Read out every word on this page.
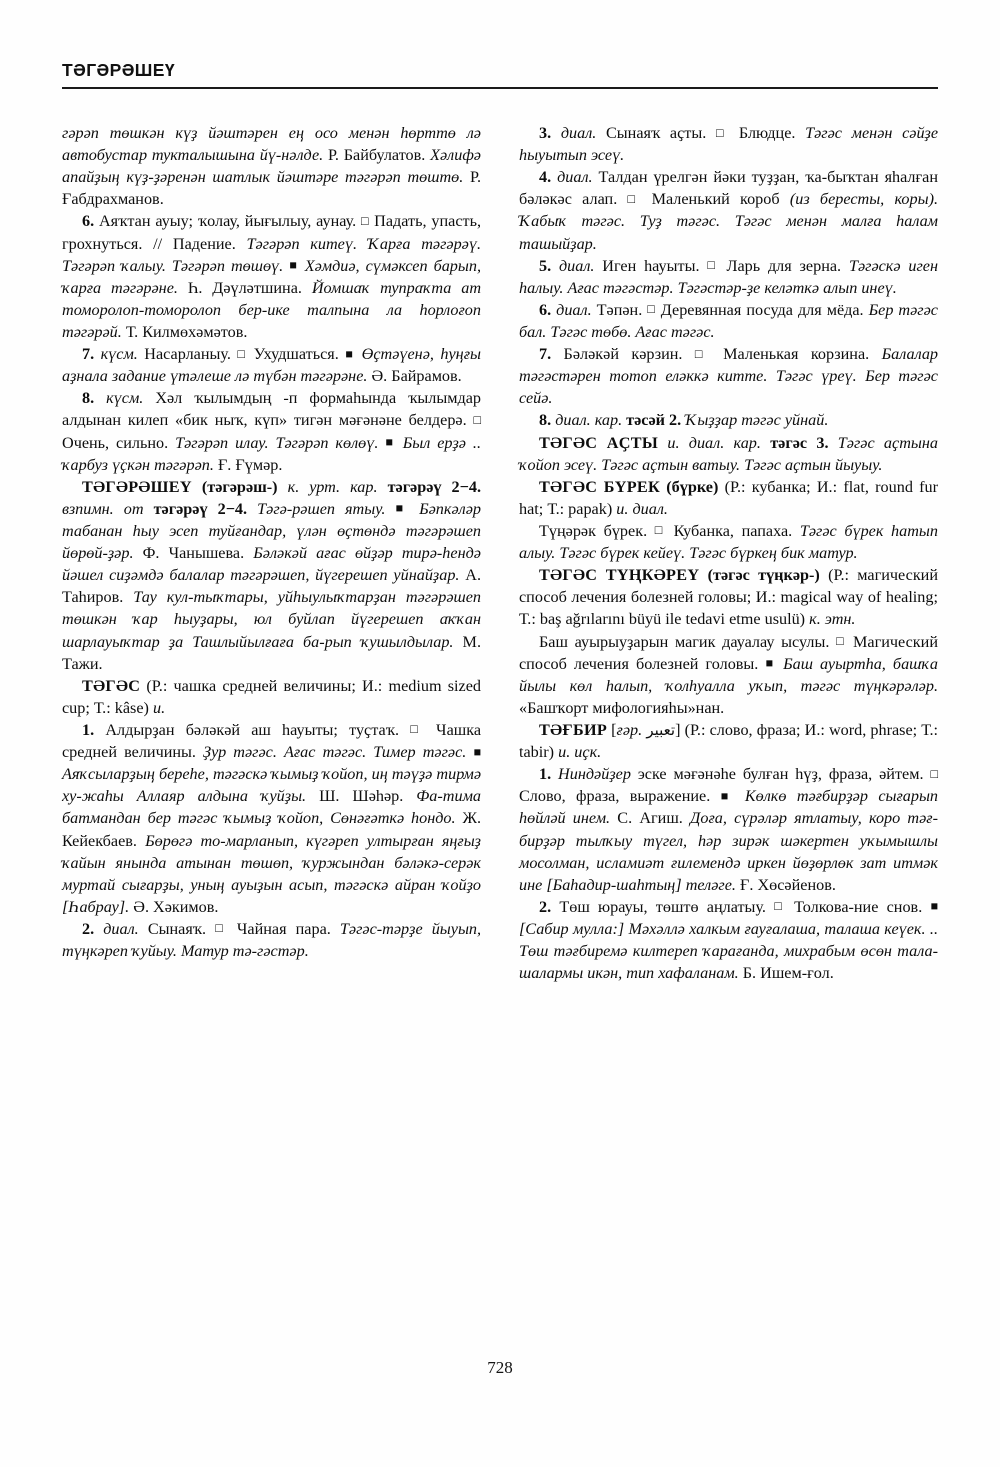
ТӘГӘРӘШЕҮ

гәрәп төшкән күҙ йәштәрен ең осо менән һөрттө лә автобустар тукталышына йү-нәлде. Р. Байбулатов. Хәлифә апайҙың күҙ-ҙәренән шатлык йәштәре тәгәрәп төштө. Р. Ғабдрахманов.

6. Аяҡтан ауыу; ҡолау, йығылыу, аунау. □ Падать, упасть, грохнуться. // Падение. Тәгәрәп китеү. Ҡарға тәгәрәү. Тәгәрәп ҡалыу. Тәгәрәп төшөү. ■ Хәмдиә, сүмәксеп барып, ҡарға тәгәрәне. Һ. Дәүләтшина. Йомшаҡ тупраҡта ат томоролоп-томоролоп бер-ике талпына ла һорлоғоп тәгәрәй. Т. Килмөхәмәтов.

7. күсм. Насарланыу. □ Ухудшаться. ■ Өҫтәүенә, һуңғы аҙнала задание үтәлеше лә түбән тәгәрәне. Ә. Байрамов.

8. күсм. Хәл ҡылымдың -п формаһында ҡылымдар алдынан килеп «бик ныҡ, күп» тигән мәғәнәне белдерә. □ Очень, сильно. Тәгәрәп илау. Тәгәрәп көлөү. ■ Был ерҙә .. ҡарбуз үҫкән тәгәрәп. Ғ. Ғүмәр.

ТӘГӘРӘШЕҮ (тәгәрәш-) к. урт. кар. тәгәрәү 2−4. взпимн. от тәгәрәү 2−4. Тәгә-рәшеп ятыу. ■ Бәпкәләр табанан һыу эсеп туйғандар, үлән өҫтөндә тәгәрәшеп йөрөй-ҙәр. Ф. Чанышева. Бәләкәй ағас өйҙәр тирә-һендә йәшел сиҙәмдә балалар тәгәрәшеп, йүгерешеп уйнайҙар. А. Таһиров. Тау кул-тыҡтары, уйһыулыҡтарҙан тәгәрәшеп төшкән ҡар һыуҙары, юл буйлап йүгерешеп аҡҡан шарлауыҡтар ҙа Ташлыйылғаға ба-рып ҡушылдылар. М. Тажи.

ТӘГӘС (Р.: чашка средней величины; И.: medium sized cup; Т.: kâse) и.

1. Алдырҙан бәләкәй аш һауыты; туҫтаҡ. □ Чашка средней величины. Ҙур тәгәс. Ағас тәгәс. Тимер тәгәс. ■ Аяҡсыларҙың береһе, тәгәскә ҡымыҙ ҡойоп, иң тәүҙә тирмә ху-жаһы Аллаяр алдына ҡуйҙы. Ш. Шәһәр. Фа-тима батмандан бер тәгәс ҡымыҙ ҡойоп, Сөнәғәткә һондо. Ж. Кейекбаев. Бөрөгә то-марланып, күгәреп ултырған яңғыҙ ҡайын янында атынан төшөп, ҡуржындан бәләкә-серәк муртай сығарҙы, уның ауыҙын асып, тәгәскә айран ҡойҙо [Һабрау]. Ә. Хәкимов.

2. диал. Сынаяҡ. □ Чайная пара. Тәгәс-тәрҙе йыуып, түңкәреп ҡуйыу. Матур тә-гәстәр.

3. диал. Сынаяҡ аҫты. □ Блюдце. Тәгәс менән сәйҙе һыуытып эсеү.

4. диал. Талдан үрелгән йәки туҙҙан, ҡа-быҡтан яһалған бәләкәс алап. □ Маленький короб (из бересты, коры). Ҡабыҡ тәгәс. Туҙ тәгәс. Тәгәс менән малға һалам ташыйҙар.

5. диал. Иген һауыты. □ Ларь для зерна. Тәгәскә иген һалыу. Ағас тәгәстәр. Тәгәстәр-ҙе келәткә алып инеү.

6. диал. Тәпән. □ Деревянная посуда для мёда. Бер тәгәс бал. Тәгәс төбө. Ағас тәгәс.

7. Бәләкәй кәрзин. □	Маленькая корзина. Балалар тәгәстәрен тотоп еләккә китте. Тәгәс үреү. Бер тәгәс сейә.

8. диал. кар. тәсәй 2. Ҡыҙҙар тәгәс уйнай.

ТӘГӘС АҪТЫ и. диал. кар. тәгәс 3. Тәгәс аҫтына ҡойоп эсеү. Тәгәс аҫтын ватыу. Тәгәс аҫтын йыуыу.

ТӘГӘС БҮРЕК (бүрке) (Р.: кубанка; И.: flat, round fur hat; Т.: papak) и. диал.

Түңәрәк бүрек. □ Кубанка, папаха. Тәгәс бүрек һатып алыу. Тәгәс бүрек кейеү. Тәгәс бүркең бик матур.

ТӘГӘС ТҮҢКӘРЕҮ (тәгәс түңкәр-) (Р.: магический способ лечения болезней головы; И.: magical way of healing; Т.: baş ağrılarını büyü ile tedavi etme usulü) к. этн.

Баш ауырыуҙарын магик дауалау ысулы. □ Магический способ лечения болезней головы. ■ Баш ауыртһа, башҡа йылы көл һалып, ҡолһуалла уҡып, тәгәс түңкәрәләр. «Башҡорт мифологияһы»нан.

ТӘҒБИР [ғәр. تعبير] (Р.: слово, фраза; И.: word, phrase; Т.: tabir) и. иҫк.

1. Ниндәйҙер эске мәғәнәһе булған һүҙ, фраза, әйтем. □ Слово, фраза, выражение. ■ Көлкө тәғбирҙәр сығарып һөйләй инем. С. Агиш. Доға, сүрәләр ятлатыу, коро тәғ-бирҙәр тылҡыу түгел, һәр зирәк шәкертен уҡымышлы мосолман, исламиәт ғилемендә иркен йөҙөрлөк зат итмәк ине [Баһадир-шаһтың] теләге. Ғ. Хөсәйенов.

2. Төш юрауы, төштө аңлатыу. □ Толкова-ние снов. ■ [Сабир мулла:] Мәхәллә халкым ғауғалаша, талаша кеүек. .. Төш тәғбиремә килтереп ҡарағанда, михрабым өсөн тала-шалармы икән, тип хафаланам. Б. Ишем-ғол.

728
